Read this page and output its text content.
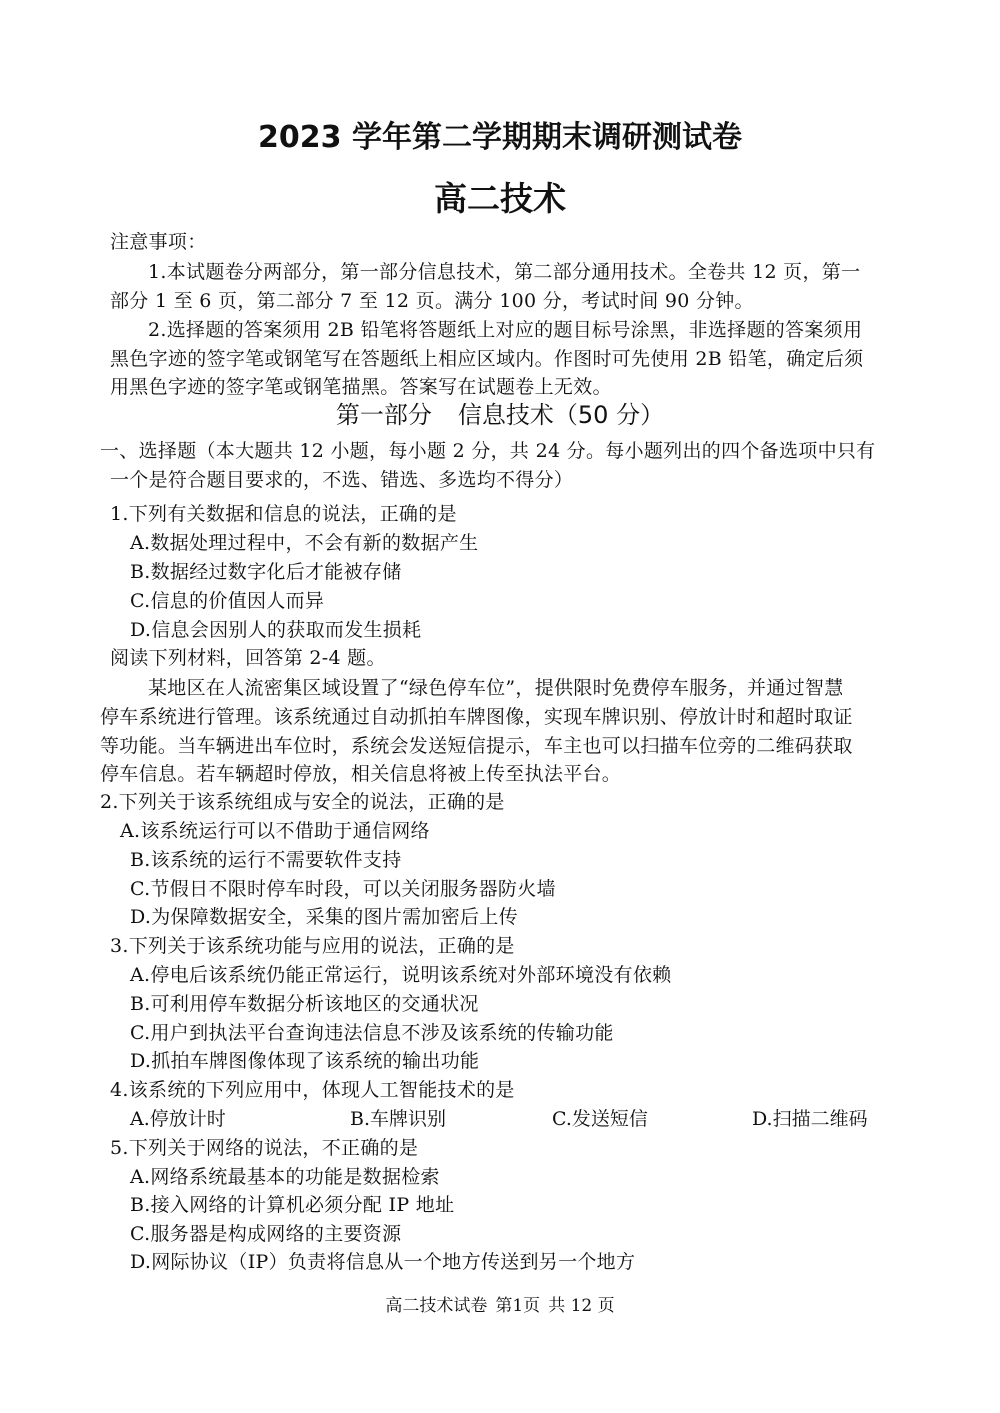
2023 学年第二学期期末调研测试卷
高二技术
注意事项：
1.本试题卷分两部分，第一部分信息技术，第二部分通用技术。全卷共 12 页，第一
部分 1 至 6 页，第二部分 7 至 12 页。满分 100 分，考试时间 90 分钟。
2.选择题的答案须用 2B 铅笔将答题纸上对应的题目标号涂黑，非选择题的答案须用
黑色字迹的签字笔或钢笔写在答题纸上相应区域内。作图时可先使用 2B 铅笔，确定后须
用黑色字迹的签字笔或钢笔描黑。答案写在试题卷上无效。
第一部分 信息技术（50 分）
一、选择题（本大题共 12 小题，每小题 2 分，共 24 分。每小题列出的四个备选项中只有
一个是符合题目要求的，不选、错选、多选均不得分）
1.下列有关数据和信息的说法，正确的是
A.数据处理过程中，不会有新的数据产生
B.数据经过数字化后才能被存储
C.信息的价值因人而异
D.信息会因别人的获取而发生损耗
阅读下列材料，回答第 2-4 题。
某地区在人流密集区域设置了“绿色停车位”，提供限时免费停车服务，并通过智慧
停车系统进行管理。该系统通过自动抓拍车牌图像，实现车牌识别、停放计时和超时取证
等功能。当车辆进出车位时，系统会发送短信提示，车主也可以扫描车位旁的二维码获取
停车信息。若车辆超时停放，相关信息将被上传至执法平台。
2.下列关于该系统组成与安全的说法，正确的是
A.该系统运行可以不借助于通信网络
B.该系统的运行不需要软件支持
C.节假日不限时停车时段，可以关闭服务器防火墙
D.为保障数据安全，采集的图片需加密后上传
3.下列关于该系统功能与应用的说法，正确的是
A.停电后该系统仍能正常运行，说明该系统对外部环境没有依赖
B.可利用停车数据分析该地区的交通状况
C.用户到执法平台查询违法信息不涉及该系统的传输功能
D.抓拍车牌图像体现了该系统的输出功能
4.该系统的下列应用中，体现人工智能技术的是
A.停放计时	B.车牌识别	C.发送短信	D.扫描二维码
5.下列关于网络的说法，不正确的是
A.网络系统最基本的功能是数据检索
B.接入网络的计算机必须分配 IP 地址
C.服务器是构成网络的主要资源
D.网际协议（IP）负责将信息从一个地方传送到另一个地方
高二技术试卷 第1页 共 12 页
